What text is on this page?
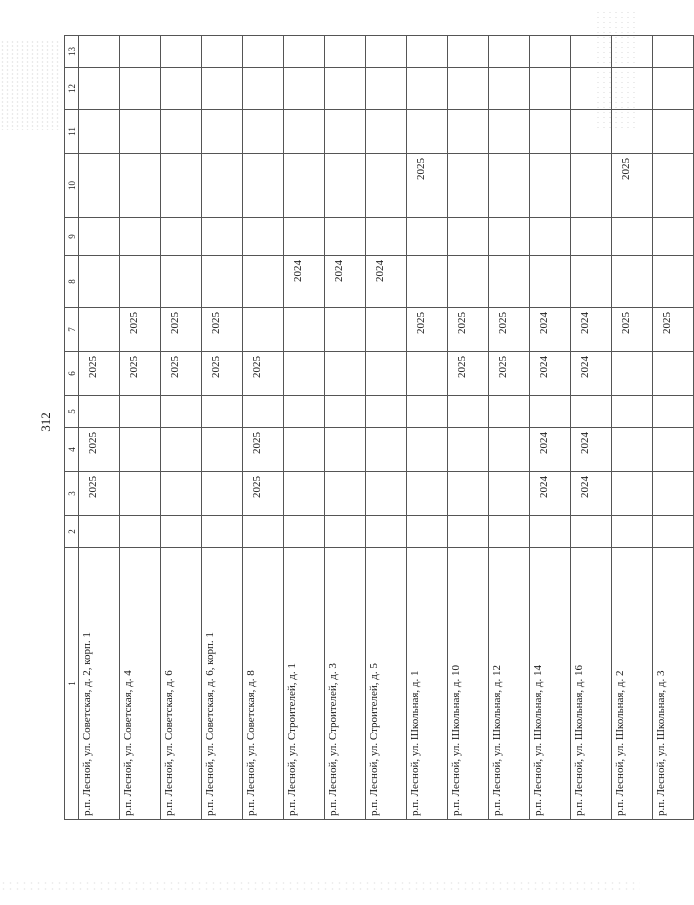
312
1	2	3	4	5	6	7	8	9	10	11	12	13
р.п. Лесной, ул. Советская, д. 2, корп. 1		2025	2025		2025							
р.п. Лесной, ул. Советская, д. 4					2025	2025						
р.п. Лесной, ул. Советская, д. 6					2025	2025						
р.п. Лесной, ул. Советская, д. 6, корп. 1					2025	2025						
р.п. Лесной, ул. Советская, д. 8		2025	2025		2025							
р.п. Лесной, ул. Строителей, д. 1							2024					
р.п. Лесной, ул. Строителей, д. 3							2024					
р.п. Лесной, ул. Строителей, д. 5							2024					
р.п. Лесной, ул. Школьная, д. 1						2025			2025			
р.п. Лесной, ул. Школьная, д. 10					2025	2025						
р.п. Лесной, ул. Школьная, д. 12					2025	2025						
р.п. Лесной, ул. Школьная, д. 14		2024	2024		2024	2024						
р.п. Лесной, ул. Школьная, д. 16		2024	2024		2024	2024						
р.п. Лесной, ул. Школьная, д. 2						2025			2025			
р.п. Лесной, ул. Школьная, д. 3						2025						
